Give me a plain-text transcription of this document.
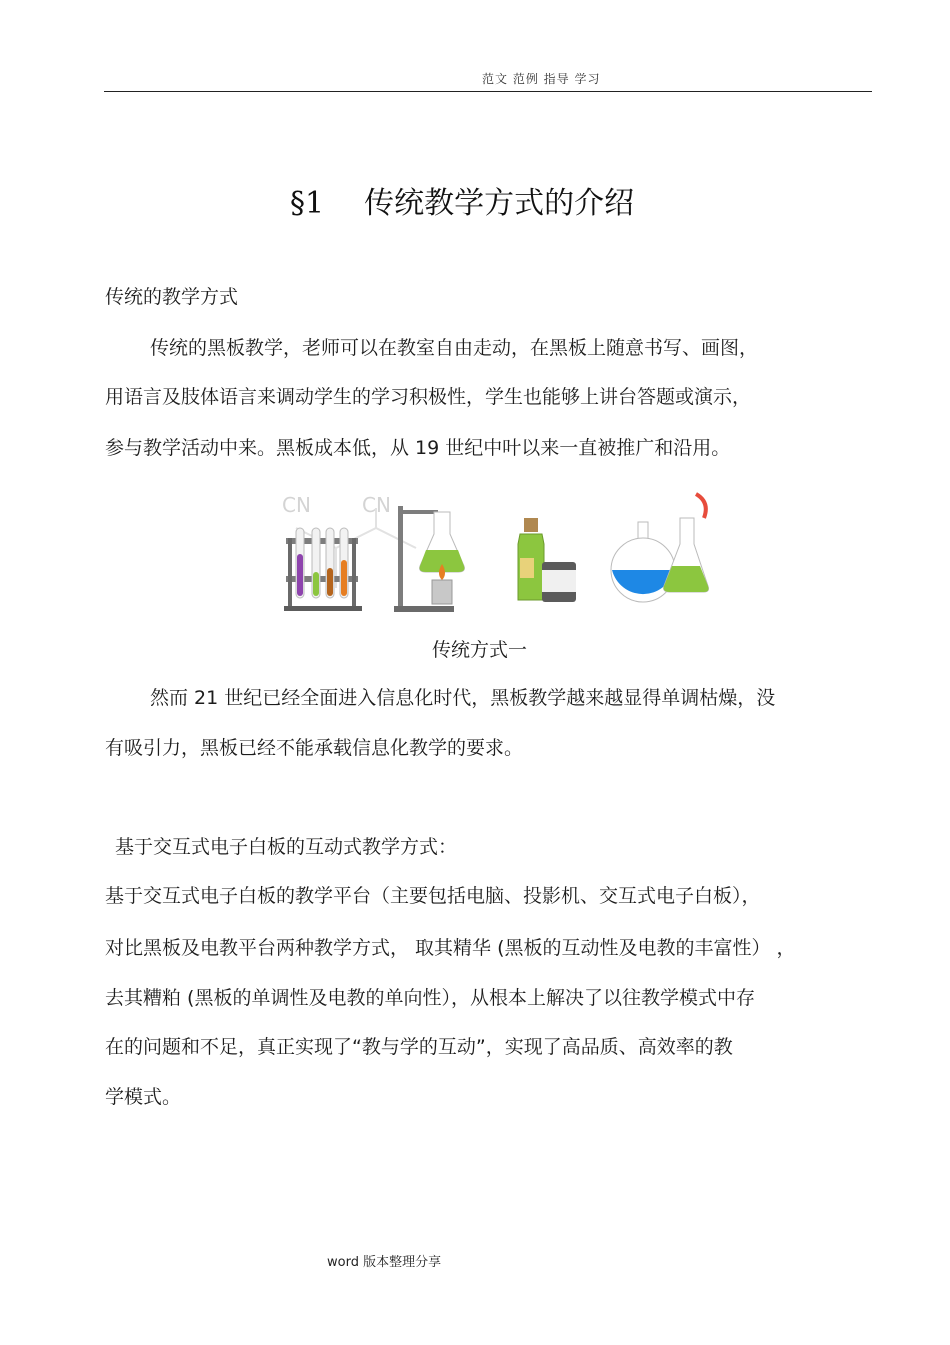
范文 范例 指导 学习
§1 传统教学方式的介绍
传统的教学方式
传统的黑板教学，老师可以在教室自由走动，在黑板上随意书写、画图，
用语言及肢体语言来调动学生的学习积极性，学生也能够上讲台答题或演示，
参与教学活动中来。黑板成本低，从 19 世纪中叶以来一直被推广和沿用。
CN	CN
传统方式一
然而 21 世纪已经全面进入信息化时代，黑板教学越来越显得单调枯燥，没
有吸引力，黑板已经不能承载信息化教学的要求。
基于交互式电子白板的互动式教学方式：
基于交互式电子白板的教学平台（主要包括电脑、投影机、交互式电子白板），
对比黑板及电教平台两种教学方式， 取其精华 (黑板的互动性及电教的丰富性） ，
去其糟粕 (黑板的单调性及电教的单向性），从根本上解决了以往教学模式中存
在的问题和不足，真正实现了“教与学的互动”，实现了高品质、高效率的教
学模式。
word 版本整理分享
